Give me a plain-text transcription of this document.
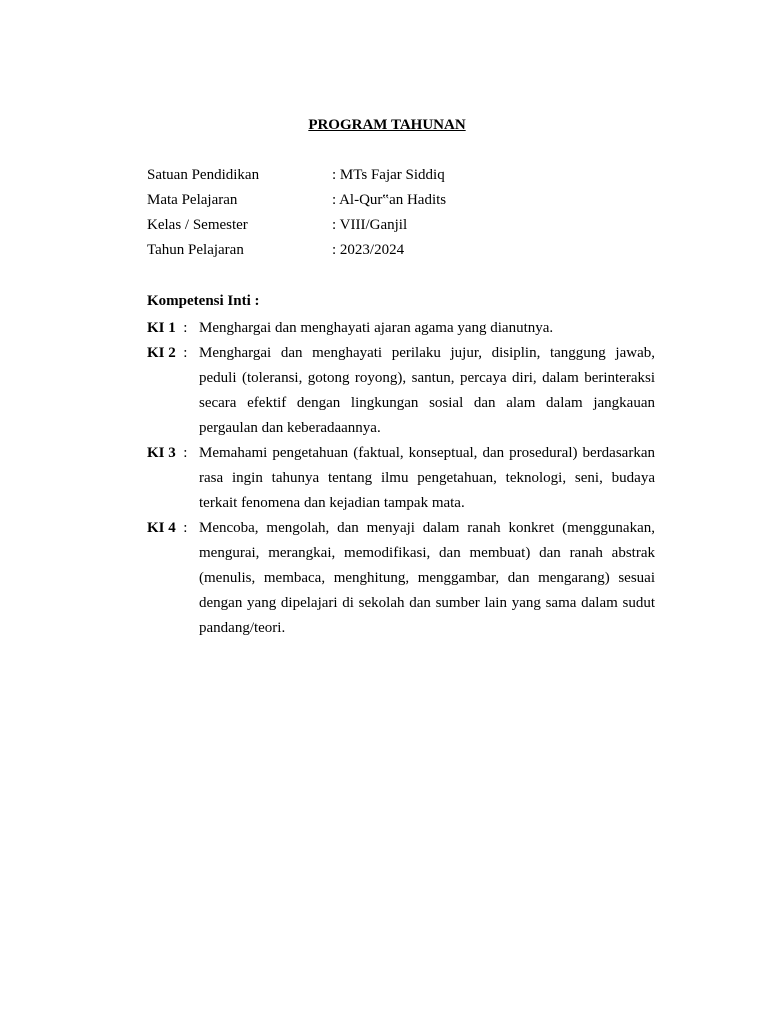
PROGRAM TAHUNAN
Satuan Pendidikan	: MTs Fajar Siddiq
Mata Pelajaran	: Al-Qur‟an Hadits
Kelas / Semester	: VIII/Ganjil
Tahun Pelajaran	: 2023/2024
Kompetensi Inti :
KI 1 : Menghargai dan menghayati ajaran agama yang dianutnya.
KI 2 : Menghargai dan menghayati perilaku jujur, disiplin, tanggung jawab, peduli (toleransi, gotong royong), santun, percaya diri, dalam berinteraksi secara efektif dengan lingkungan sosial dan alam dalam jangkauan pergaulan dan keberadaannya.
KI 3 : Memahami pengetahuan (faktual, konseptual, dan prosedural) berdasarkan rasa ingin tahunya tentang ilmu pengetahuan, teknologi, seni, budaya terkait fenomena dan kejadian tampak mata.
KI 4 : Mencoba, mengolah, dan menyaji dalam ranah konkret (menggunakan, mengurai, merangkai, memodifikasi, dan membuat) dan ranah abstrak (menulis, membaca, menghitung, menggambar, dan mengarang) sesuai dengan yang dipelajari di sekolah dan sumber lain yang sama dalam sudut pandang/teori.
